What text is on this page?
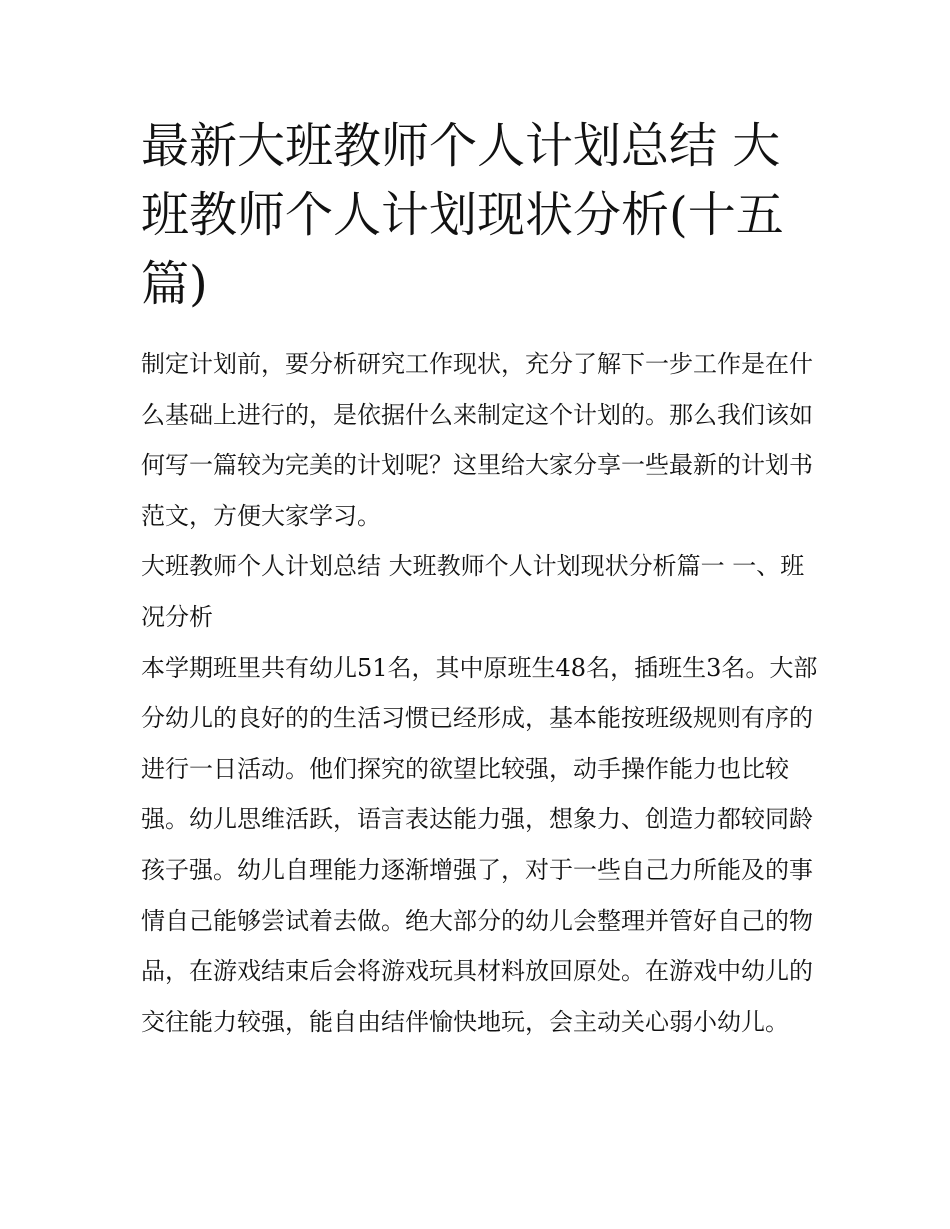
最新大班教师个人计划总结 大班教师个人计划现状分析(十五篇)

制定计划前，要分析研究工作现状，充分了解下一步工作是在什么基础上进行的，是依据什么来制定这个计划的。那么我们该如何写一篇较为完美的计划呢？这里给大家分享一些最新的计划书范文，方便大家学习。

大班教师个人计划总结 大班教师个人计划现状分析篇一 一、班况分析

本学期班里共有幼儿51名，其中原班生48名，插班生3名。大部分幼儿的良好的的生活习惯已经形成，基本能按班级规则有序的进行一日活动。他们探究的欲望比较强，动手操作能力也比较强。幼儿思维活跃，语言表达能力强，想象力、创造力都较同龄孩子强。幼儿自理能力逐渐增强了，对于一些自己力所能及的事情自己能够尝试着去做。绝大部分的幼儿会整理并管好自己的物品，在游戏结束后会将游戏玩具材料放回原处。在游戏中幼儿的交往能力较强，能自由结伴愉快地玩，会主动关心弱小幼儿。
